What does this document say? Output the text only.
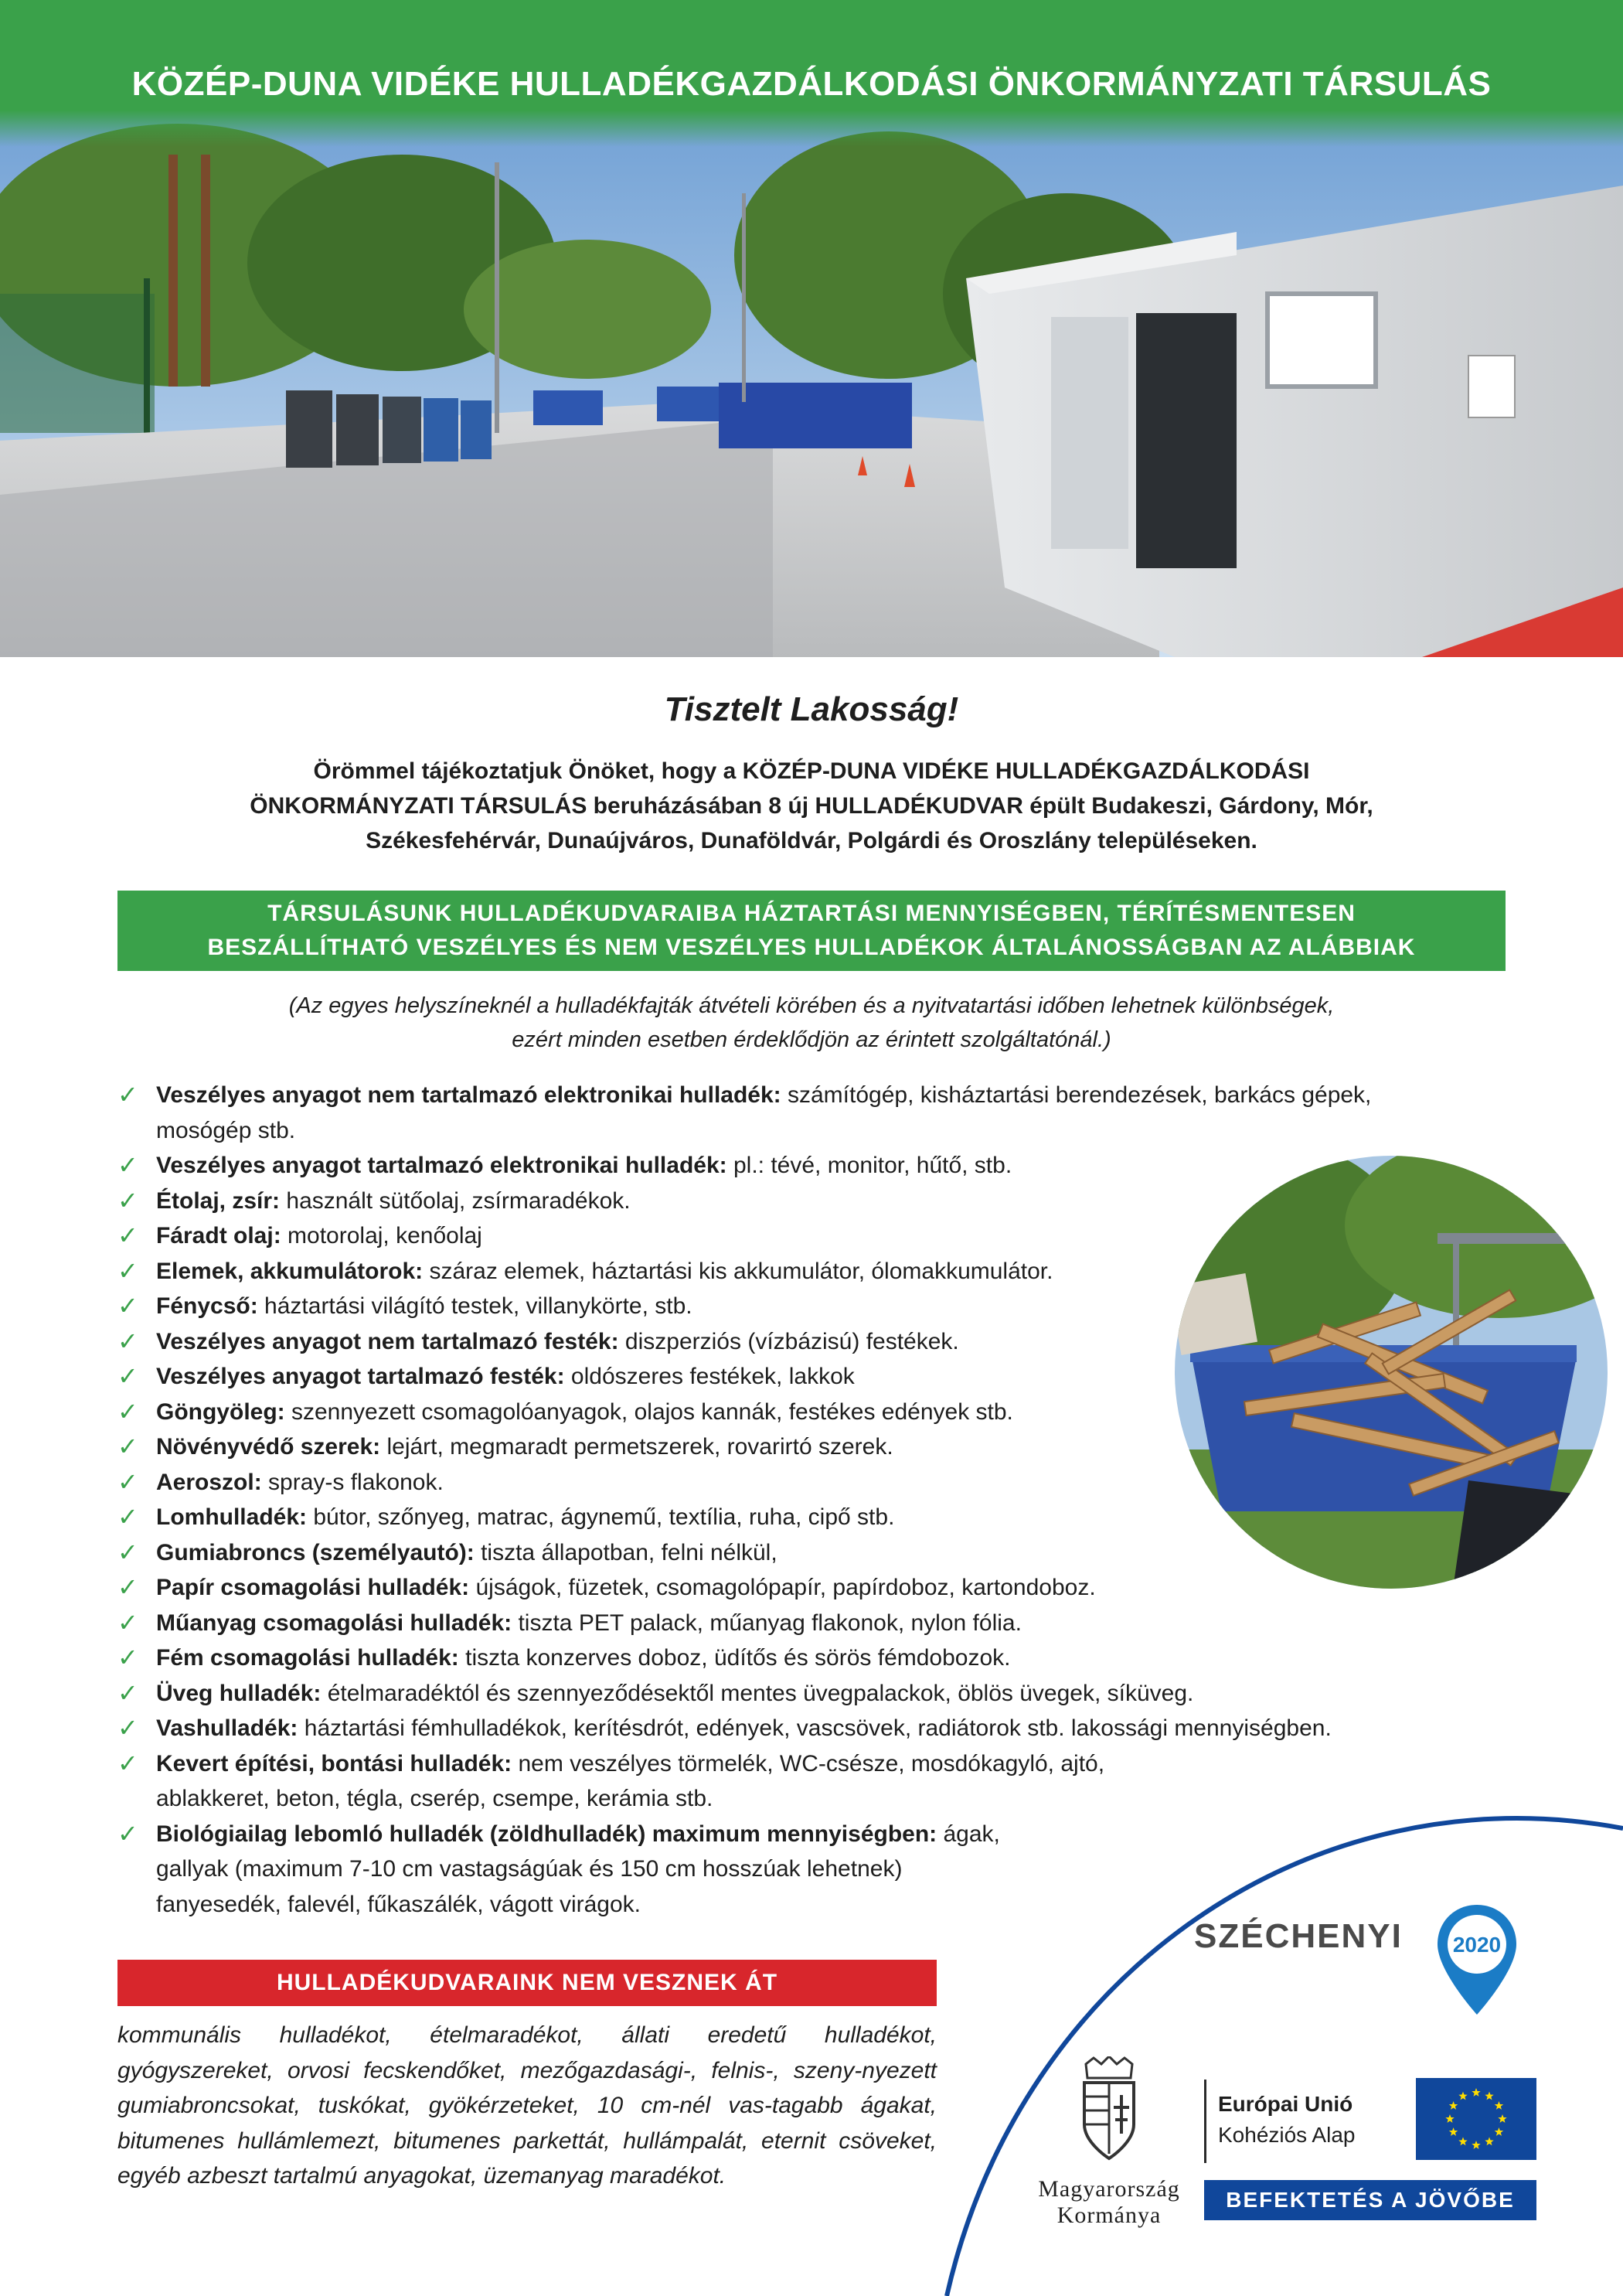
KÖZÉP-DUNA VIDÉKE HULLADÉKGAZDÁLKODÁSI ÖNKORMÁNYZATI TÁRSULÁS
Tisztelt Lakosság!
Örömmel tájékoztatjuk Önöket, hogy a KÖZÉP-DUNA VIDÉKE HULLADÉKGAZDÁLKODÁSI
ÖNKORMÁNYZATI TÁRSULÁS beruházásában 8 új HULLADÉKUDVAR épült Budakeszi, Gárdony, Mór,
Székesfehérvár, Dunaújváros, Dunaföldvár, Polgárdi és Oroszlány településeken.
TÁRSULÁSUNK HULLADÉKUDVARAIBA HÁZTARTÁSI MENNYISÉGBEN, TÉRÍTÉSMENTESEN
BESZÁLLÍTHATÓ VESZÉLYES ÉS NEM VESZÉLYES HULLADÉKOK ÁLTALÁNOSSÁGBAN AZ ALÁBBIAK
(Az egyes helyszíneknél a hulladékfajták átvételi körében és a nyitvatartási időben lehetnek különbségek,
ezért minden esetben érdeklődjön az érintett szolgáltatónál.)
✓ Veszélyes anyagot nem tartalmazó elektronikai hulladék: számítógép, kisháztartási berendezések, barkács gépek,
mosógép stb.
✓ Veszélyes anyagot tartalmazó elektronikai hulladék: pl.: tévé, monitor, hűtő, stb.
✓ Étolaj, zsír: használt sütőolaj, zsírmaradékok.
✓ Fáradt olaj: motorolaj, kenőolaj
✓ Elemek, akkumulátorok: száraz elemek, háztartási kis akkumulátor, ólomakkumulátor.
✓ Fénycső: háztartási világító testek, villanykörte, stb.
✓ Veszélyes anyagot nem tartalmazó festék: diszperziós (vízbázisú) festékek.
✓ Veszélyes anyagot tartalmazó festék: oldószeres festékek, lakkok
✓ Göngyöleg: szennyezett csomagolóanyagok, olajos kannák, festékes edények stb.
✓ Növényvédő szerek: lejárt, megmaradt permetszerek, rovarirtó szerek.
✓ Aeroszol: spray-s flakonok.
✓ Lomhulladék: bútor, szőnyeg, matrac, ágynemű, textília, ruha, cipő stb.
✓ Gumiabroncs (személyautó): tiszta állapotban, felni nélkül,
✓ Papír csomagolási hulladék: újságok, füzetek, csomagolópapír, papírdoboz, kartondoboz.
✓ Műanyag csomagolási hulladék: tiszta PET palack, műanyag flakonok, nylon fólia.
✓ Fém csomagolási hulladék: tiszta konzerves doboz, üdítős és sörös fémdobozok.
✓ Üveg hulladék: ételmaradéktól és szennyeződésektől mentes üvegpalackok, öblös üvegek, síküveg.
✓ Vashulladék: háztartási fémhulladékok, kerítésdrót, edények, vascsövek, radiátorok stb. lakossági mennyiségben.
✓ Kevert építési, bontási hulladék: nem veszélyes törmelék, WC-csésze, mosdókagyló, ajtó,
ablakkeret, beton, tégla, cserép, csempe, kerámia stb.
✓ Biológiailag lebomló hulladék (zöldhulladék) maximum mennyiségben: ágak,
gallyak (maximum 7-10 cm vastagságúak és 150 cm hosszúak lehetnek)
fanyesedék, falevél, fűkaszálék, vágott virágok.
HULLADÉKUDVARAINK NEM VESZNEK ÁT
kommunális hulladékot, ételmaradékot, állati eredetű hulladékot, gyógyszereket, orvosi fecskendőket, mezőgazdasági-, felnis-, szeny-nyezett gumiabroncsokat, tuskókat, gyökérzeteket, 10 cm-nél vas-tagabb ágakat, bitumenes hullámlemezt, bitumenes parkettát, hullámpalát, eternit csöveket, egyéb azbeszt tartalmú anyagokat, üzemanyag maradékot.
SZÉCHENYI 2020
Magyarország
Kormánya
Európai Unió
Kohéziós Alap
BEFEKTETÉS A JÖVŐBE
